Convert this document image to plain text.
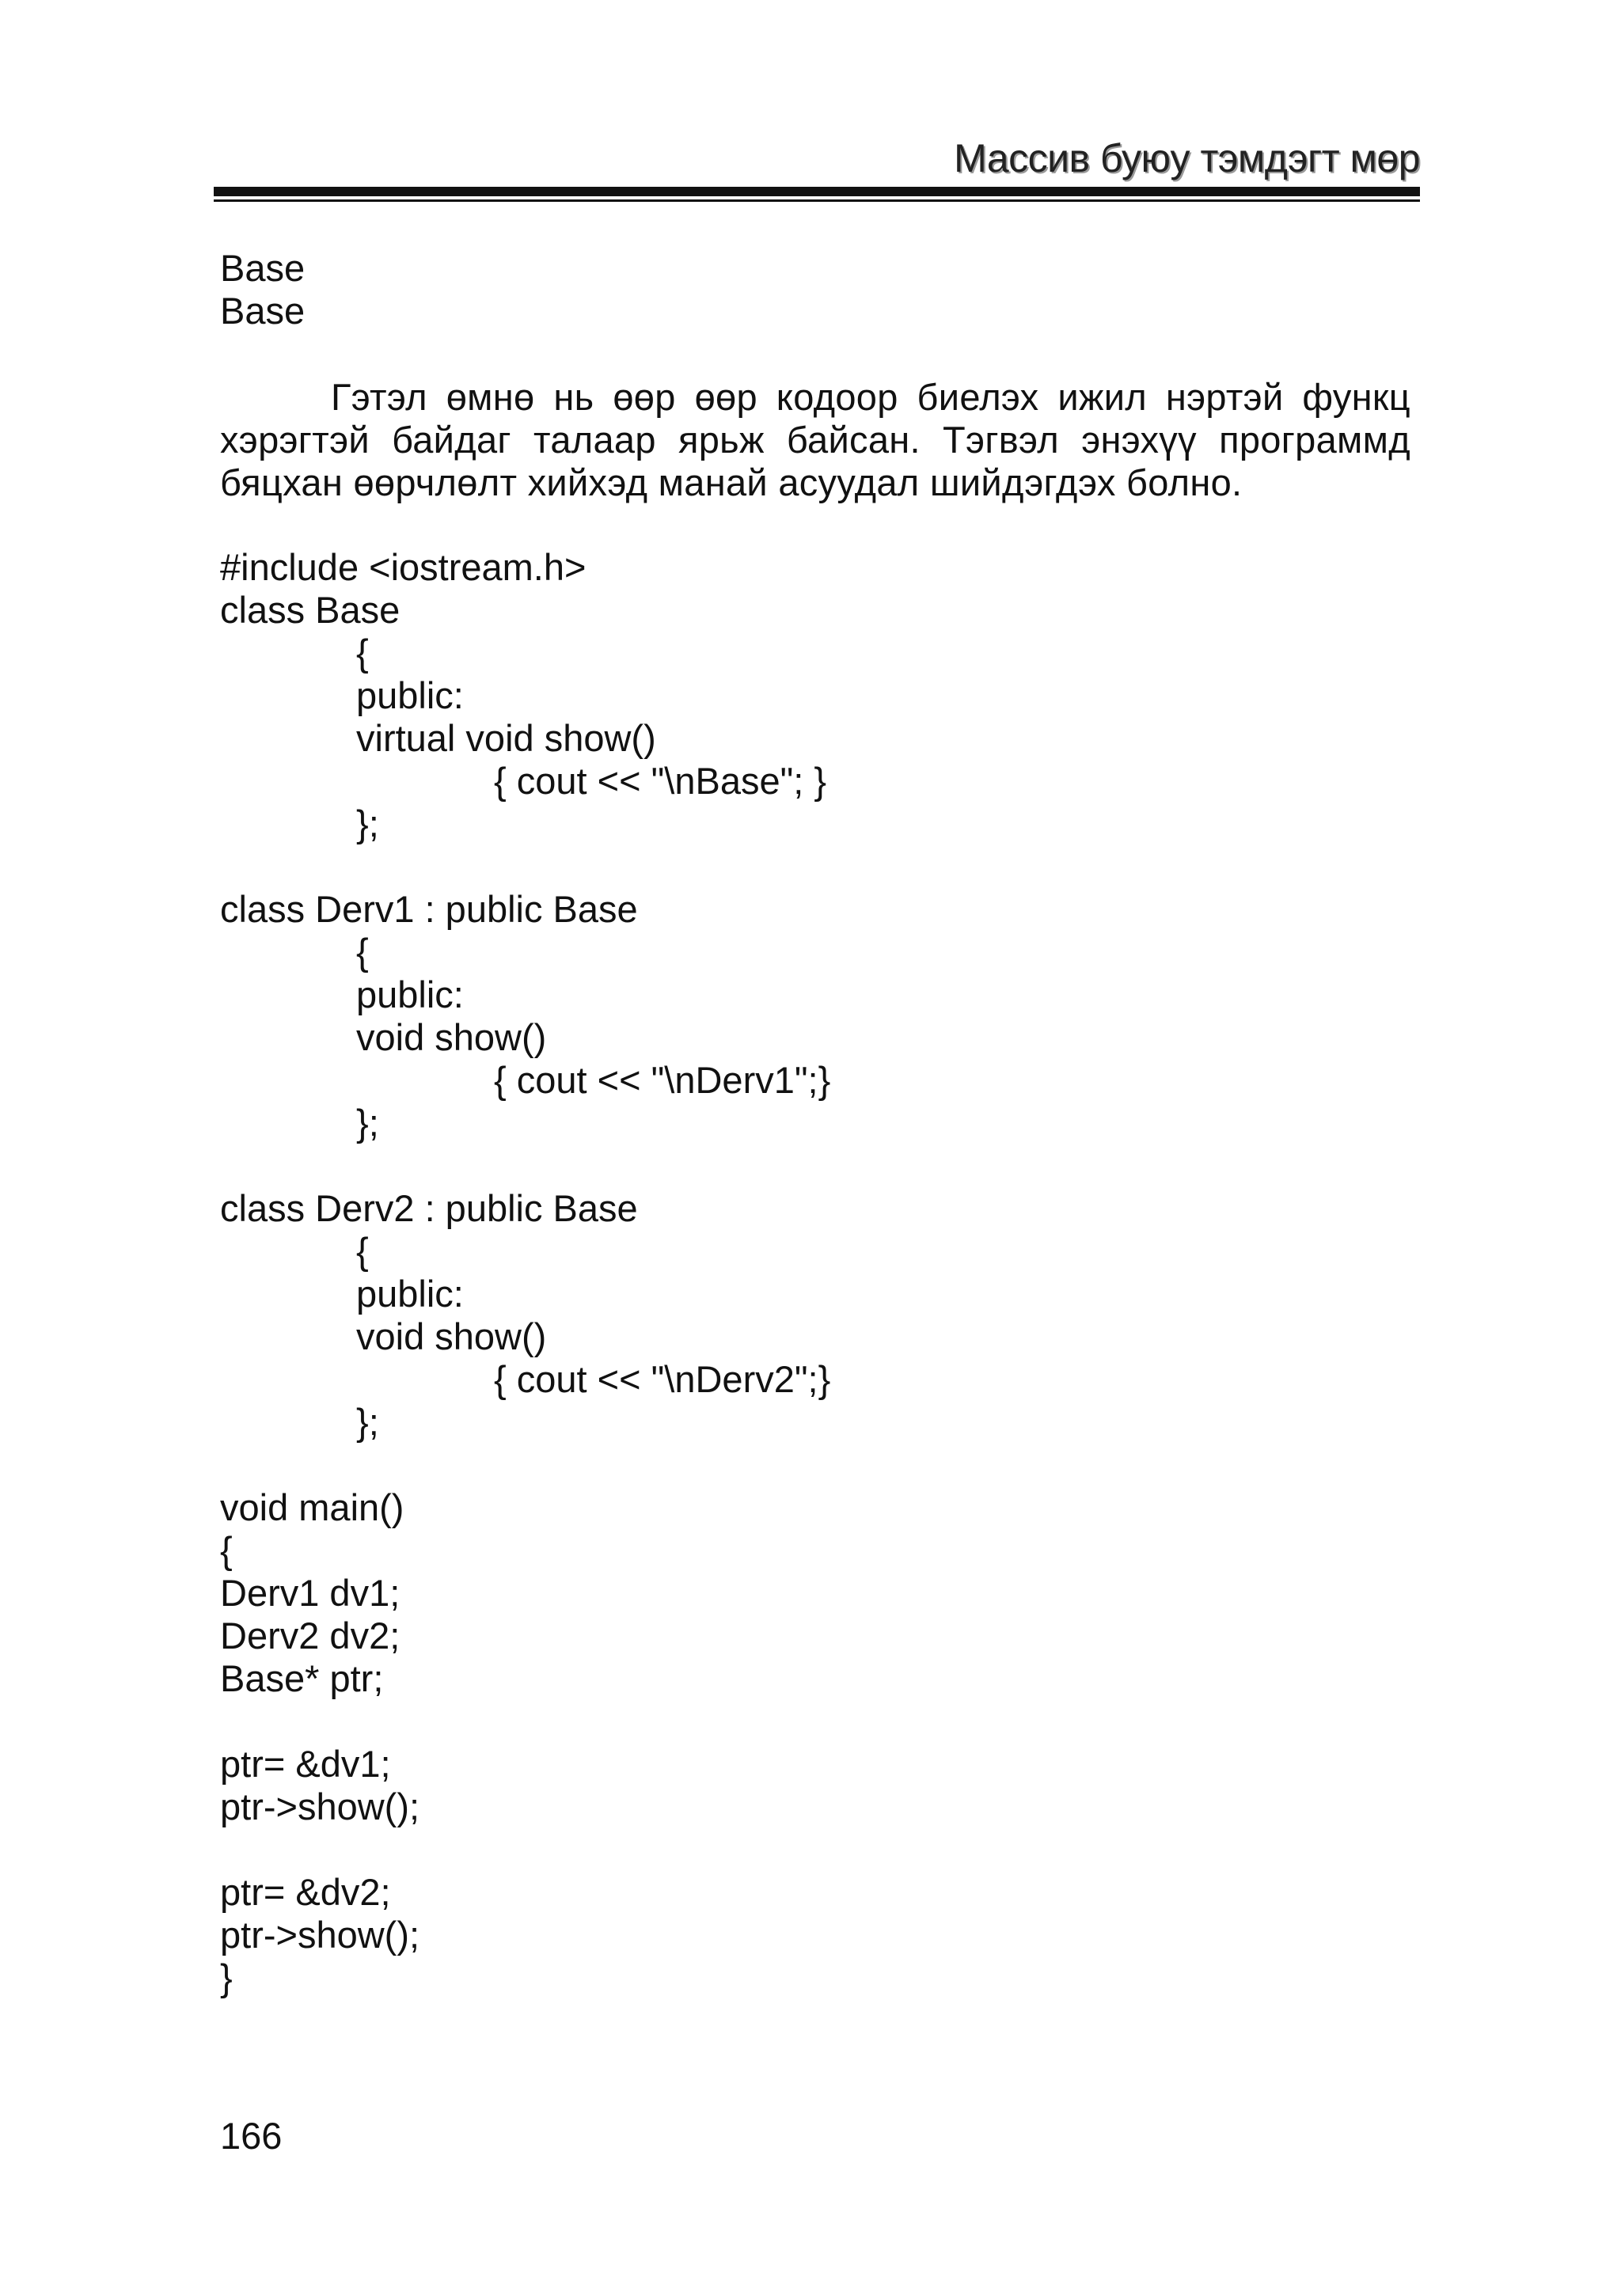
Массив буюу тэмдэгт мөр
Base
Base
Гэтэл өмнө нь өөр өөр кодоор биелэх ижил нэртэй функц хэрэгтэй байдаг талаар ярьж байсан. Тэгвэл энэхүү программд бяцхан өөрчлөлт хийхэд манай асуудал шийдэгдэх болно.
#include <iostream.h>
class Base
{
public:
virtual void show()
{ cout << "\nBase"; }
};
class Derv1 : public Base
{
public:
void show()
{ cout << "\nDerv1";}
};
class Derv2 : public Base
{
public:
void show()
{ cout << "\nDerv2";}
};
void main()
{
Derv1 dv1;
Derv2 dv2;
Base* ptr;
ptr= &dv1;
ptr->show();
ptr= &dv2;
ptr->show();
}
166
